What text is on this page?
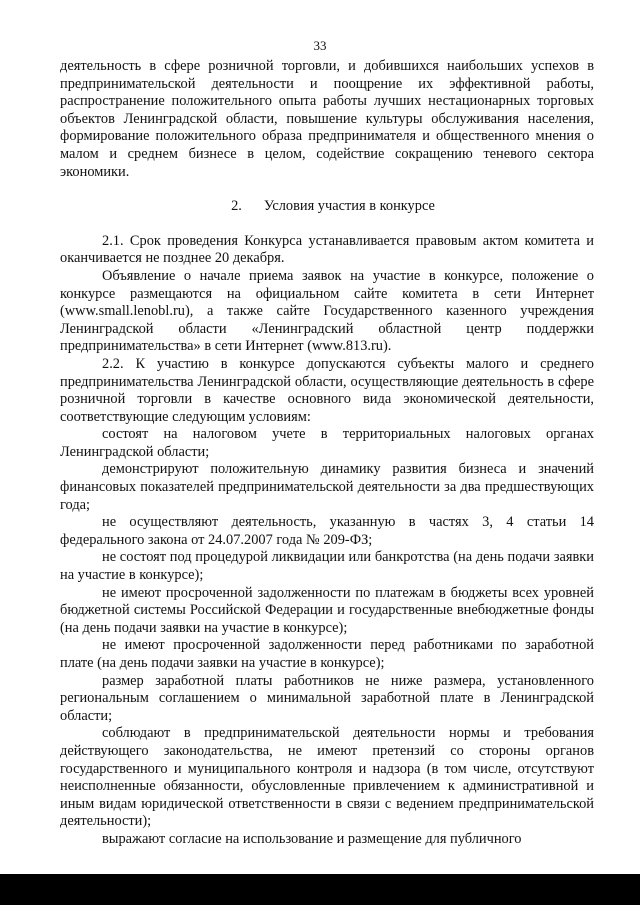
33

деятельность в сфере розничной торговли, и добившихся наибольших успехов в предпринимательской деятельности и поощрение их эффективной работы, распространение положительного опыта работы лучших нестационарных торговых объектов Ленинградской области, повышение культуры обслуживания населения, формирование положительного образа предпринимателя и общественного мнения о малом и среднем бизнесе в целом, содействие сокращению теневого сектора экономики.

2. Условия участия в конкурсе

2.1. Срок проведения Конкурса устанавливается правовым актом комитета и оканчивается не позднее 20 декабря.

Объявление о начале приема заявок на участие в конкурсе, положение о конкурсе размещаются на официальном сайте комитета в сети Интернет (www.small.lenobl.ru), а также сайте Государственного казенного учреждения Ленинградской области «Ленинградский областной центр поддержки предпринимательства» в сети Интернет (www.813.ru).

2.2. К участию в конкурсе допускаются субъекты малого и среднего предпринимательства Ленинградской области, осуществляющие деятельность в сфере розничной торговли в качестве основного вида экономической деятельности, соответствующие следующим условиям:

состоят на налоговом учете в территориальных налоговых органах Ленинградской области;

демонстрируют положительную динамику развития бизнеса и значений финансовых показателей предпринимательской деятельности за два предшествующих года;

не осуществляют деятельность, указанную в частях 3, 4 статьи 14 федерального закона от 24.07.2007 года № 209-ФЗ;

не состоят под процедурой ликвидации или банкротства (на день подачи заявки на участие в конкурсе);

не имеют просроченной задолженности по платежам в бюджеты всех уровней бюджетной системы Российской Федерации и государственные внебюджетные фонды (на день подачи заявки на участие в конкурсе);

не имеют просроченной задолженности перед работниками по заработной плате (на день подачи заявки на участие в конкурсе);

размер заработной платы работников не ниже размера, установленного региональным соглашением о минимальной заработной плате в Ленинградской области;

соблюдают в предпринимательской деятельности нормы и требования действующего законодательства, не имеют претензий со стороны органов государственного и муниципального контроля и надзора (в том числе, отсутствуют неисполненные обязанности, обусловленные привлечением к административной и иным видам юридической ответственности в связи с ведением предпринимательской деятельности);

выражают согласие на использование и размещение для публичного
